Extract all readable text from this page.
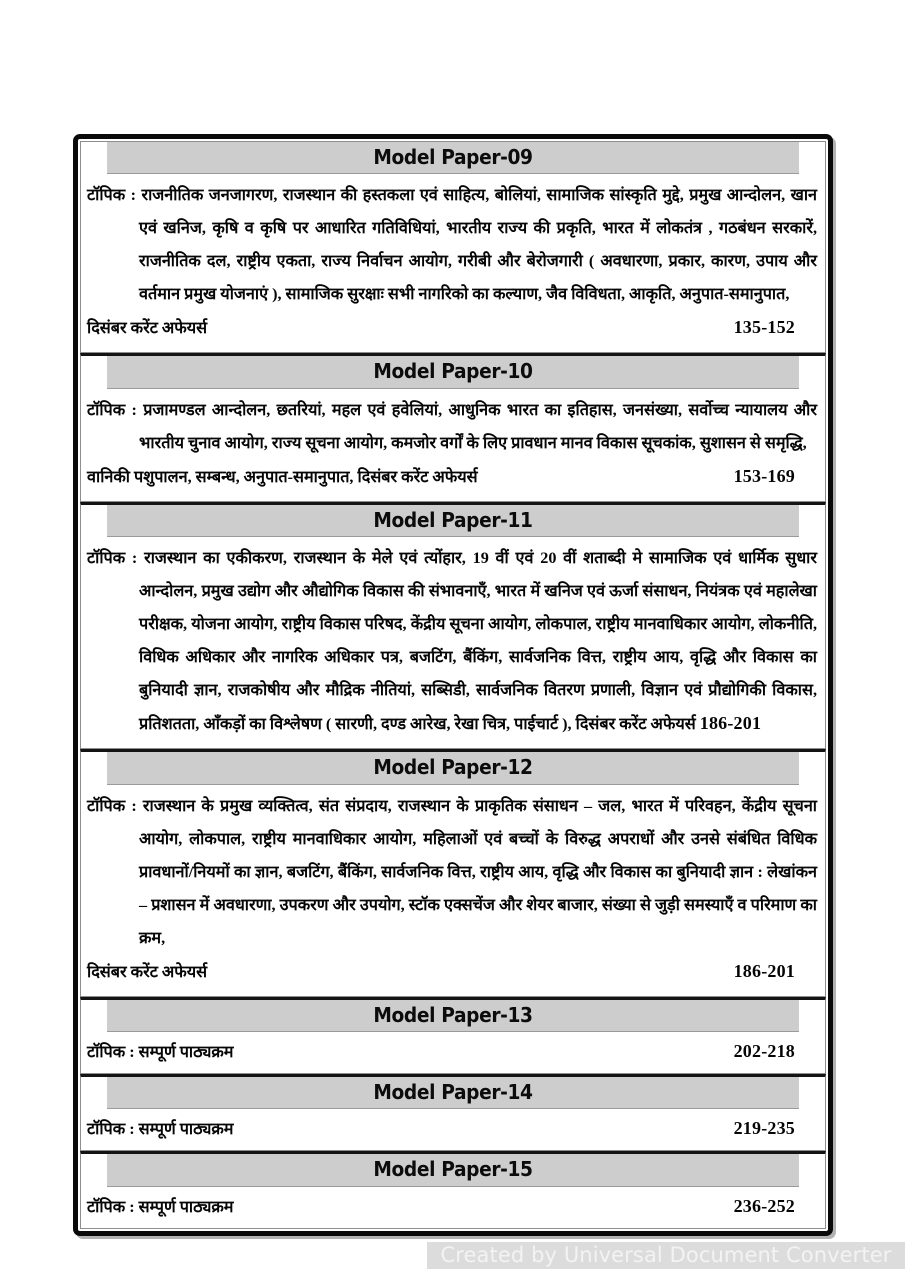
Model Paper-09
टॉपिक : राजनीतिक जनजागरण, राजस्थान की हस्तकला एवं साहित्य, बोलियां, सामाजिक सांस्कृति मुद्दे, प्रमुख आन्दोलन, खान एवं खनिज, कृषि व कृषि पर आधारित गतिविधियां, भारतीय राज्य की प्रकृति, भारत में लोकतंत्र , गठबंधन सरकारें, राजनीतिक दल, राष्ट्रीय एकता, राज्य निर्वाचन आयोग, गरीबी और बेरोजगारी ( अवधारणा, प्रकार, कारण, उपाय और वर्तमान प्रमुख योजनाएं ), सामाजिक सुरक्षाः सभी नागरिको का कल्याण, जैव विविधता, आकृति, अनुपात-समानुपात,
दिसंबर करेंट अफेयर्स	135-152
Model Paper-10
टॉपिक : प्रजामण्डल आन्दोलन, छतरियां, महल एवं हवेलियां, आधुनिक भारत का इतिहास, जनसंख्या, सर्वोच्च न्यायालय और भारतीय चुनाव आयोग, राज्य सूचना आयोग, कमजोर वर्गों के लिए प्रावधान मानव विकास सूचकांक, सुशासन से समृद्धि,
वानिकी पशुपालन, सम्बन्ध, अनुपात-समानुपात, दिसंबर करेंट अफेयर्स	153-169
Model Paper-11
टॉपिक : राजस्थान का एकीकरण, राजस्थान के मेले एवं त्योंहार, 19 वीं एवं 20 वीं शताब्दी मे सामाजिक एवं धार्मिक सुधार आन्दोलन, प्रमुख उद्योग और औद्योगिक विकास की संभावनाएँ, भारत में खनिज एवं ऊर्जा संसाधन, नियंत्रक एवं महालेखा परीक्षक, योजना आयोग, राष्ट्रीय विकास परिषद, केंद्रीय सूचना आयोग, लोकपाल, राष्ट्रीय मानवाधिकार आयोग, लोकनीति, विधिक अधिकार और नागरिक अधिकार पत्र, बजटिंग, बैंकिंग, सार्वजनिक वित्त, राष्ट्रीय आय, वृद्धि और विकास का बुनियादी ज्ञान, राजकोषीय और मौद्रिक नीतियां, सब्सिडी, सार्वजनिक वितरण प्रणाली, विज्ञान एवं प्रौद्योगिकी विकास, प्रतिशतता, आँकड़ों का विश्लेषण ( सारणी, दण्ड आरेख, रेखा चित्र, पाईचार्ट ), दिसंबर करेंट अफेयर्स 186-201
Model Paper-12
टॉपिक : राजस्थान के प्रमुख व्यक्तित्व, संत संप्रदाय, राजस्थान के प्राकृतिक संसाधन – जल, भारत में परिवहन, केंद्रीय सूचना आयोग, लोकपाल, राष्ट्रीय मानवाधिकार आयोग, महिलाओं एवं बच्चों के विरुद्ध अपराधों और उनसे संबंधित विधिक प्रावधानों/नियमों का ज्ञान, बजटिंग, बैंकिंग, सार्वजनिक वित्त, राष्ट्रीय आय, वृद्धि और विकास का बुनियादी ज्ञान : लेखांकन – प्रशासन में अवधारणा, उपकरण और उपयोग, स्टॉक एक्सचेंज और शेयर बाजार, संख्या से जुड़ी समस्याएँ व परिमाण का क्रम,
दिसंबर करेंट अफेयर्स	186-201
Model Paper-13
टॉपिक : सम्पूर्ण पाठ्यक्रम	202-218
Model Paper-14
टॉपिक : सम्पूर्ण पाठ्यक्रम	219-235
Model Paper-15
टॉपिक : सम्पूर्ण पाठ्यक्रम	236-252
Created by Universal Document Converter
